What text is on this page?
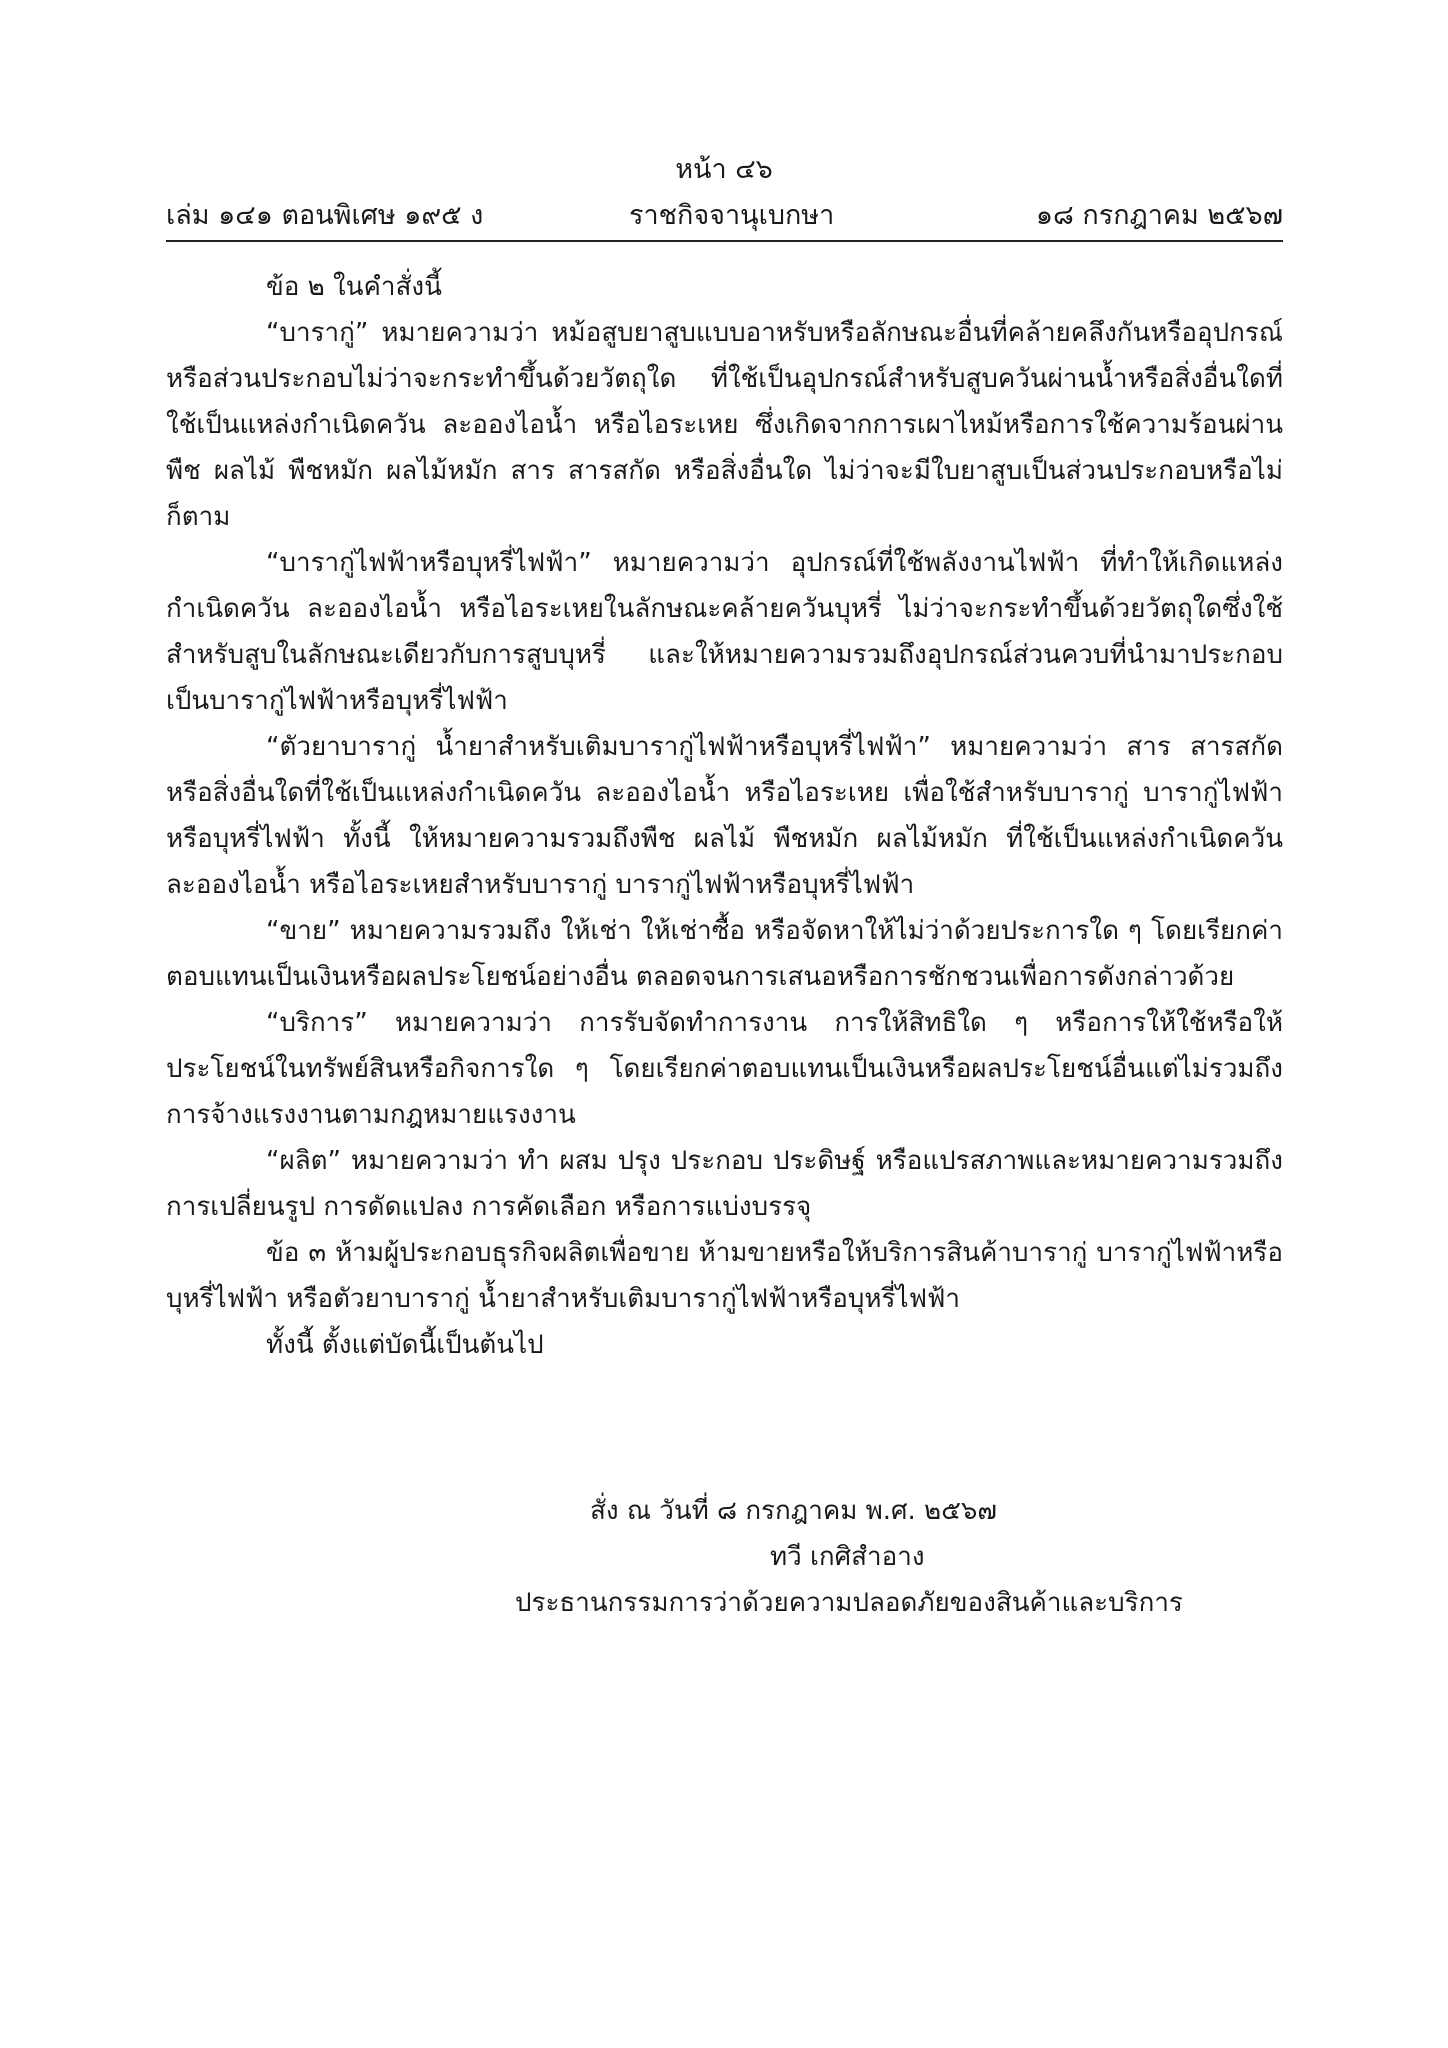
หน้า ๔๖
เล่ม ๑๔๑ ตอนพิเศษ ๑๙๕ ง	ราชกิจจานุเบกษา	๑๘ กรกฎาคม ๒๕๖๗

ข้อ ๒ ในคำสั่งนี้

“บารากู่” หมายความว่า หม้อสูบยาสูบแบบอาหรับหรือลักษณะอื่นที่คล้ายคลึงกันหรืออุปกรณ์หรือส่วนประกอบไม่ว่าจะกระทำขึ้นด้วยวัตถุใด ที่ใช้เป็นอุปกรณ์สำหรับสูบควันผ่านน้ำหรือสิ่งอื่นใดที่ใช้เป็นแหล่งกำเนิดควัน ละอองไอน้ำ หรือไอระเหย ซึ่งเกิดจากการเผาไหม้หรือการใช้ความร้อนผ่านพืช ผลไม้ พืชหมัก ผลไม้หมัก สาร สารสกัด หรือสิ่งอื่นใด ไม่ว่าจะมีใบยาสูบเป็นส่วนประกอบหรือไม่ก็ตาม

“บารากู่ไฟฟ้าหรือบุหรี่ไฟฟ้า” หมายความว่า อุปกรณ์ที่ใช้พลังงานไฟฟ้า ที่ทำให้เกิดแหล่งกำเนิดควัน ละอองไอน้ำ หรือไอระเหยในลักษณะคล้ายควันบุหรี่ ไม่ว่าจะกระทำขึ้นด้วยวัตถุใดซึ่งใช้สำหรับสูบในลักษณะเดียวกับการสูบบุหรี่ และให้หมายความรวมถึงอุปกรณ์ส่วนควบที่นำมาประกอบเป็นบารากู่ไฟฟ้าหรือบุหรี่ไฟฟ้า

“ตัวยาบารากู่ น้ำยาสำหรับเติมบารากู่ไฟฟ้าหรือบุหรี่ไฟฟ้า” หมายความว่า สาร สารสกัดหรือสิ่งอื่นใดที่ใช้เป็นแหล่งกำเนิดควัน ละอองไอน้ำ หรือไอระเหย เพื่อใช้สำหรับบารากู่ บารากู่ไฟฟ้าหรือบุหรี่ไฟฟ้า ทั้งนี้ ให้หมายความรวมถึงพืช ผลไม้ พืชหมัก ผลไม้หมัก ที่ใช้เป็นแหล่งกำเนิดควันละอองไอน้ำ หรือไอระเหยสำหรับบารากู่ บารากู่ไฟฟ้าหรือบุหรี่ไฟฟ้า

“ขาย” หมายความรวมถึง ให้เช่า ให้เช่าซื้อ หรือจัดหาให้ไม่ว่าด้วยประการใด ๆ โดยเรียกค่าตอบแทนเป็นเงินหรือผลประโยชน์อย่างอื่น ตลอดจนการเสนอหรือการชักชวนเพื่อการดังกล่าวด้วย

“บริการ” หมายความว่า การรับจัดทำการงาน การให้สิทธิใด ๆ หรือการให้ใช้หรือให้ประโยชน์ในทรัพย์สินหรือกิจการใด ๆ โดยเรียกค่าตอบแทนเป็นเงินหรือผลประโยชน์อื่นแต่ไม่รวมถึงการจ้างแรงงานตามกฎหมายแรงงาน

“ผลิต” หมายความว่า ทำ ผสม ปรุง ประกอบ ประดิษฐ์ หรือแปรสภาพและหมายความรวมถึงการเปลี่ยนรูป การดัดแปลง การคัดเลือก หรือการแบ่งบรรจุ

ข้อ ๓ ห้ามผู้ประกอบธุรกิจผลิตเพื่อขาย ห้ามขายหรือให้บริการสินค้าบารากู่ บารากู่ไฟฟ้าหรือบุหรี่ไฟฟ้า หรือตัวยาบารากู่ น้ำยาสำหรับเติมบารากู่ไฟฟ้าหรือบุหรี่ไฟฟ้า

ทั้งนี้ ตั้งแต่บัดนี้เป็นต้นไป

สั่ง ณ วันที่ ๘ กรกฎาคม พ.ศ. ๒๕๖๗
ทวี เกศิสำอาง
ประธานกรรมการว่าด้วยความปลอดภัยของสินค้าและบริการ
